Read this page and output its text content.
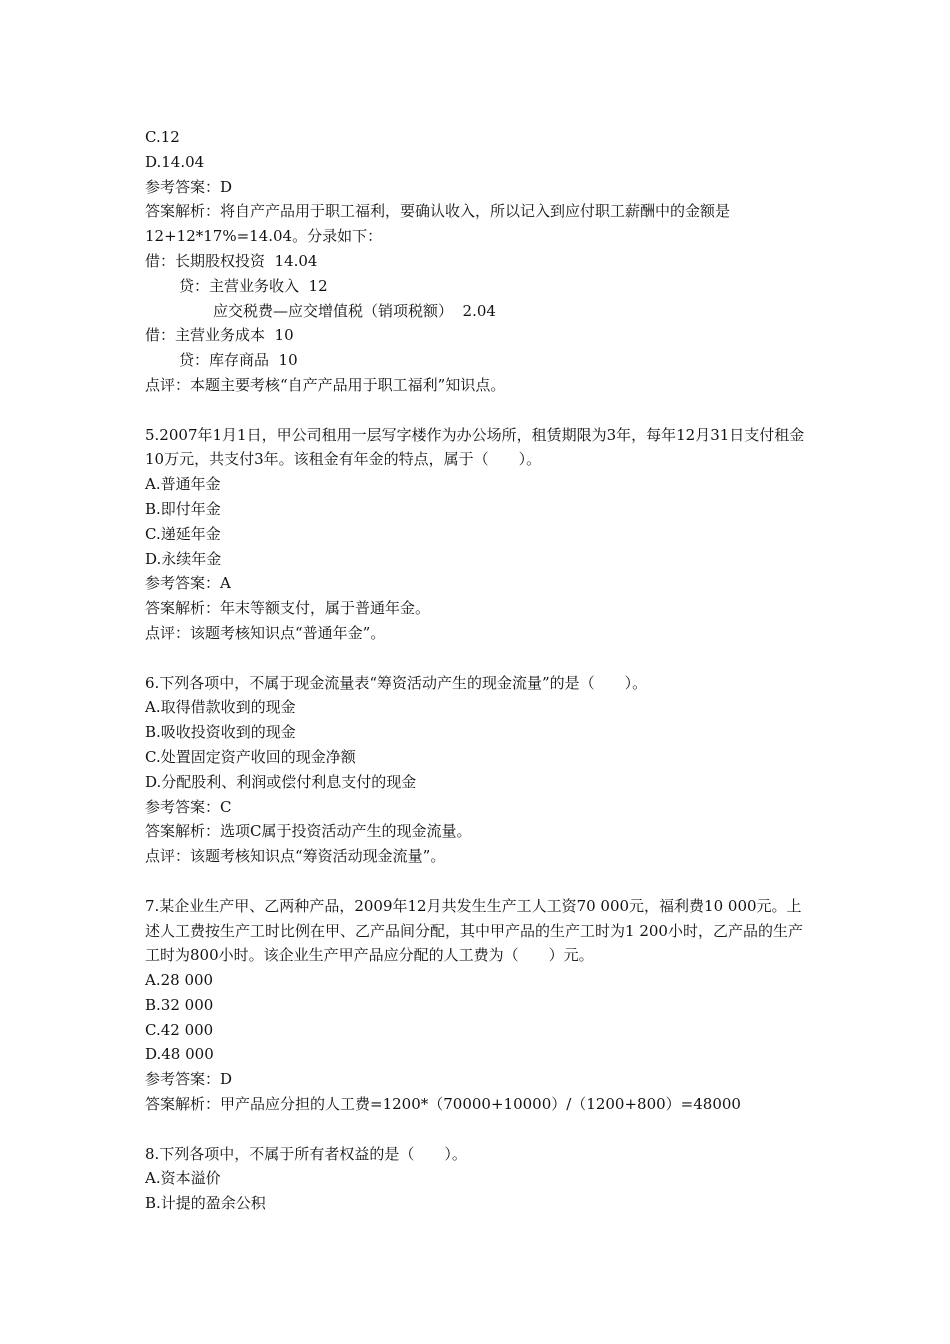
C.12
D.14.04
参考答案：D
答案解析：将自产产品用于职工福利，要确认收入，所以记入到应付职工薪酬中的金额是12+12*17%=14.04。分录如下：
借：长期股权投资  14.04
贷：主营业务收入  12
应交税费—应交增值税（销项税额）  2.04
借：主营业务成本  10
贷：库存商品  10
点评：本题主要考核“自产产品用于职工福利”知识点。
5.2007年1月1日，甲公司租用一层写字楼作为办公场所，租赁期限为3年，每年12月31日支付租金10万元，共支付3年。该租金有年金的特点，属于（　　）。
A.普通年金
B.即付年金
C.递延年金
D.永续年金
参考答案：A
答案解析：年末等额支付，属于普通年金。
点评：该题考核知识点“普通年金”。
6.下列各项中，不属于现金流量表“筹资活动产生的现金流量”的是（　　）。
A.取得借款收到的现金
B.吸收投资收到的现金
C.处置固定资产收回的现金净额
D.分配股利、利润或偿付利息支付的现金
参考答案：C
答案解析：选项C属于投资活动产生的现金流量。
点评：该题考核知识点“筹资活动现金流量”。
7.某企业生产甲、乙两种产品，2009年12月共发生生产工人工资70 000元，福利费10 000元。上述人工费按生产工时比例在甲、乙产品间分配，其中甲产品的生产工时为1 200小时，乙产品的生产工时为800小时。该企业生产甲产品应分配的人工费为（　　）元。
A.28 000
B.32 000
C.42 000
D.48 000
参考答案：D
答案解析：甲产品应分担的人工费=1200*（70000+10000）/（1200+800）=48000
8.下列各项中，不属于所有者权益的是（　　）。
A.资本溢价
B.计提的盈余公积
